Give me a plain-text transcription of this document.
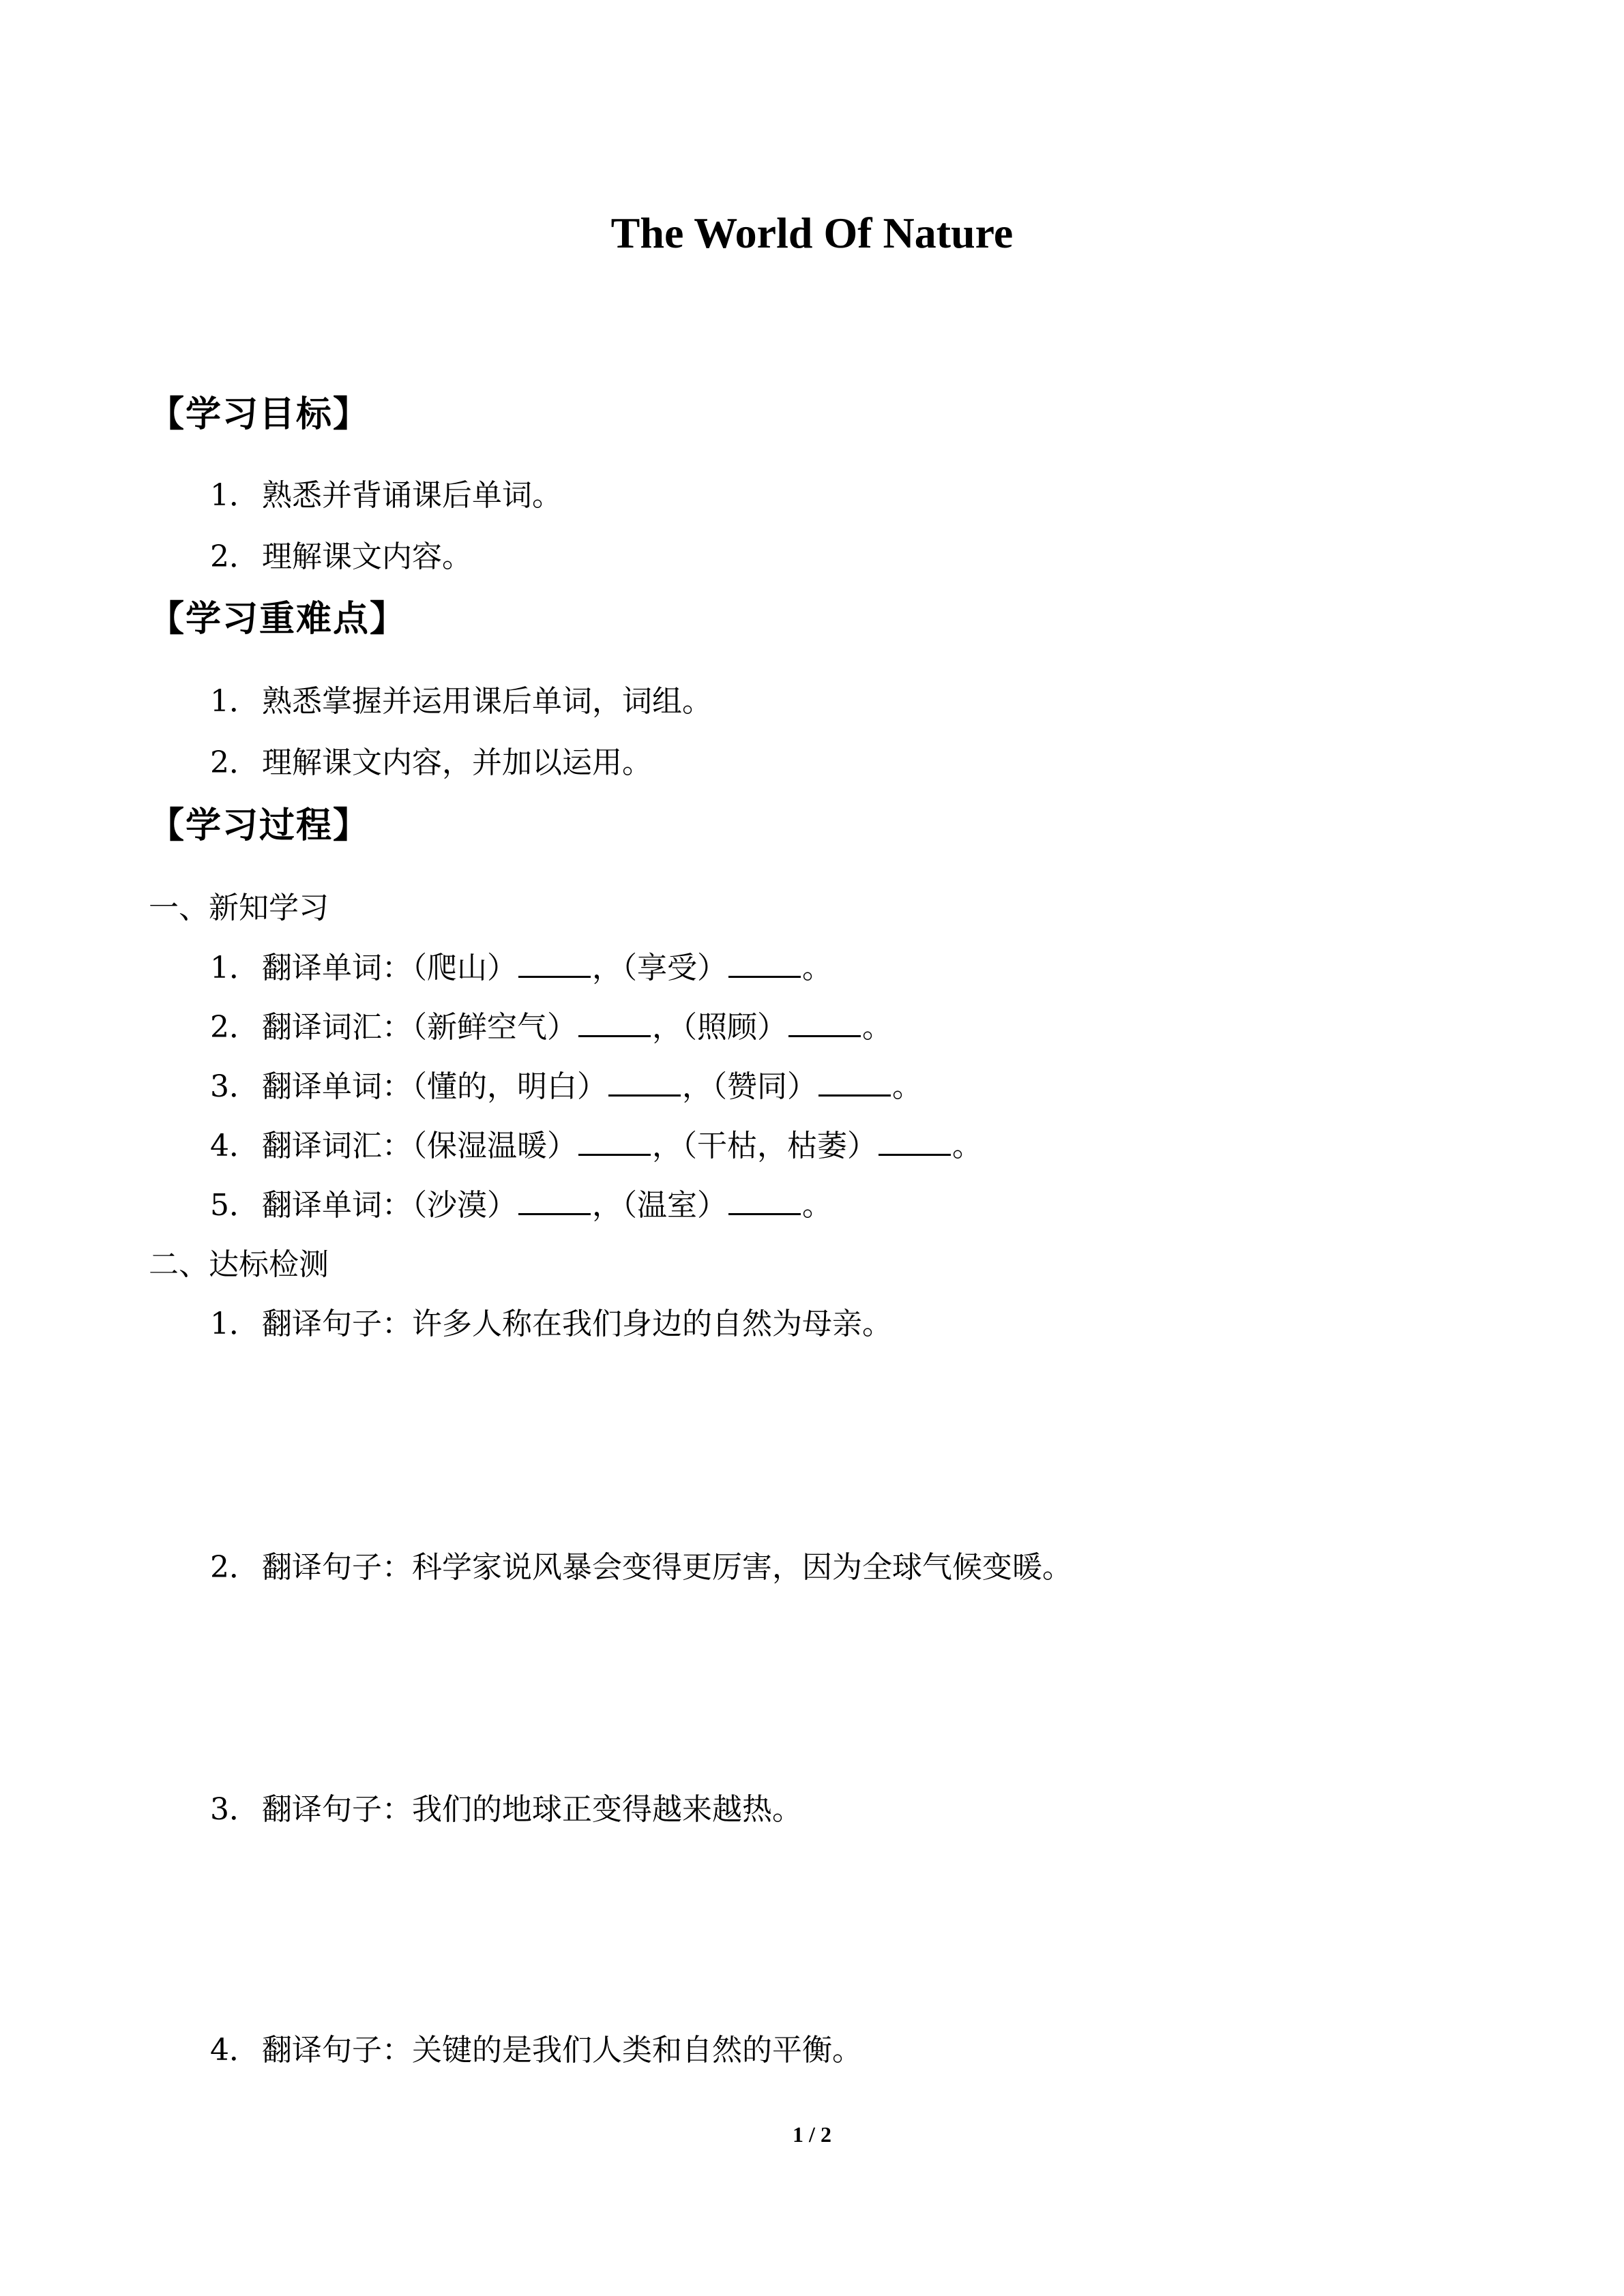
The World Of Nature
【学习目标】
1．熟悉并背诵课后单词。
2．理解课文内容。
【学习重难点】
1．熟悉掌握并运用课后单词，词组。
2．理解课文内容，并加以运用。
【学习过程】
一、新知学习
1．翻译单词：（爬山）	，（享受）	。
2．翻译词汇：（新鲜空气）	，（照顾）	。
3．翻译单词：（懂的，明白）	，（赞同）	。
4．翻译词汇：（保湿温暖）	，（干枯，枯萎）	。
5．翻译单词：（沙漠）	，（温室）	。
二、达标检测
1．翻译句子：许多人称在我们身边的自然为母亲。
2．翻译句子：科学家说风暴会变得更厉害，因为全球气候变暖。
3．翻译句子：我们的地球正变得越来越热。
4．翻译句子：关键的是我们人类和自然的平衡。
1 / 2
